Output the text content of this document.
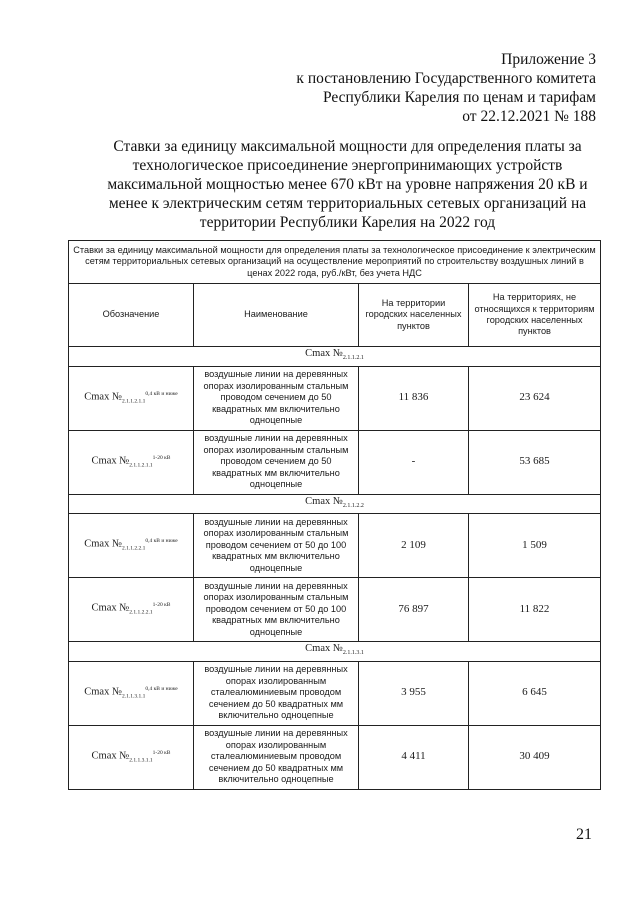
Приложение 3
к постановлению Государственного комитета
Республики Карелия по ценам и тарифам
от 22.12.2021 № 188
Ставки за единицу максимальной мощности для определения платы за технологическое присоединение энергопринимающих устройств максимальной мощностью менее 670 кВт на уровне напряжения 20 кВ и менее к электрическим сетям территориальных сетевых организаций на территории Республики Карелия на 2022 год
Ставки за единицу максимальной мощности для определения платы за технологическое присоединение к электрическим сетям территориальных сетевых организаций на осуществление мероприятий по строительству воздушных линий в ценах 2022 года, руб./кВт, без учета НДС			
Обозначение	Наименование	На территории городских населенных пунктов	На территориях, не относящихся к территориям городских населенных пунктов
Cmax $№_{2.1.1.2.1}$
Cmax $№_{2.1.1.2.1.1}^{0,4 кВ и ниже}$	воздушные линии на деревянных опорах изолированным стальным проводом сечением до 50 квадратных мм включительно одноцепные	11 836	23 624
Cmax $№_{2.1.1.2.1.1}^{1-20 кВ}$	воздушные линии на деревянных опорах изолированным стальным проводом сечением до 50 квадратных мм включительно одноцепные	-	53 685
Cmax $№_{2.1.1.2.2}$
Cmax $№_{2.1.1.2.2.1}^{0,4 кВ и ниже}$	воздушные линии на деревянных опорах изолированным стальным проводом сечением от 50 до 100 квадратных мм включительно одноцепные	2 109	1 509
Cmax $№_{2.1.1.2.2.1}^{1-20 кВ}$	воздушные линии на деревянных опорах изолированным стальным проводом сечением от 50 до 100 квадратных мм включительно одноцепные	76 897	11 822
Cmax $№_{2.1.1.3.1}$
Cmax $№_{2.1.1.3.1.1}^{0,4 кВ и ниже}$	воздушные линии на деревянных опорах изолированным сталеалюминиевым проводом сечением до 50 квадратных мм включительно одноцепные	3 955	6 645
Cmax $№_{2.1.1.3.1.1}^{1-20 кВ}$	воздушные линии на деревянных опорах изолированным сталеалюминиевым проводом сечением до 50 квадратных мм включительно одноцепные	4 411	30 409
21
